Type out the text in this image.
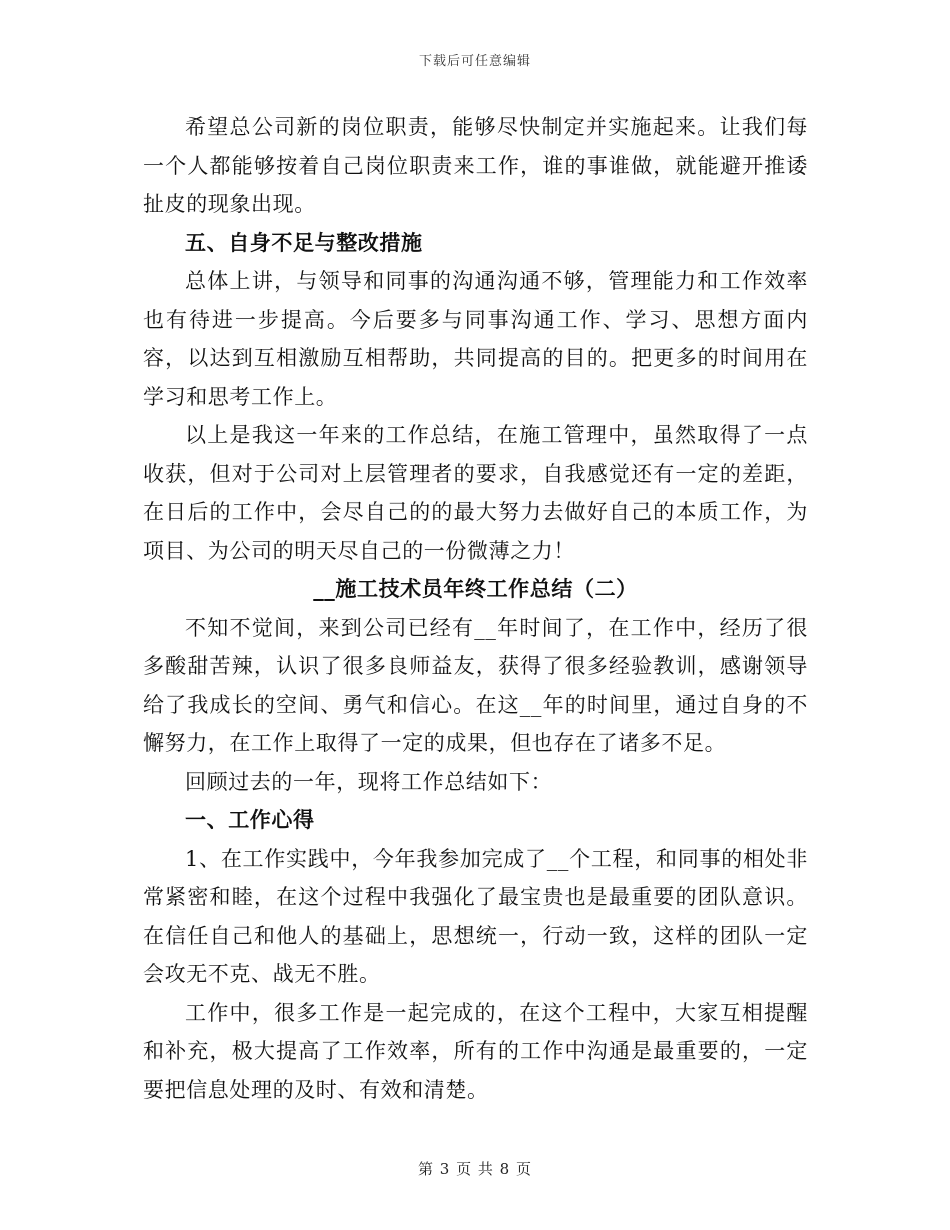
下载后可任意编辑

希望总公司新的岗位职责，能够尽快制定并实施起来。让我们每一个人都能够按着自己岗位职责来工作，谁的事谁做，就能避开推诿扯皮的现象出现。

五、自身不足与整改措施

总体上讲，与领导和同事的沟通沟通不够，管理能力和工作效率也有待进一步提高。今后要多与同事沟通工作、学习、思想方面内容，以达到互相激励互相帮助，共同提高的目的。把更多的时间用在学习和思考工作上。

以上是我这一年来的工作总结，在施工管理中，虽然取得了一点收获，但对于公司对上层管理者的要求，自我感觉还有一定的差距，在日后的工作中，会尽自己的的最大努力去做好自己的本质工作，为项目、为公司的明天尽自己的一份微薄之力！

__施工技术员年终工作总结（二）

不知不觉间，来到公司已经有__年时间了，在工作中，经历了很多酸甜苦辣，认识了很多良师益友，获得了很多经验教训，感谢领导给了我成长的空间、勇气和信心。在这__年的时间里，通过自身的不懈努力，在工作上取得了一定的成果，但也存在了诸多不足。

回顾过去的一年，现将工作总结如下：

一、工作心得

1、在工作实践中，今年我参加完成了__个工程，和同事的相处非常紧密和睦，在这个过程中我强化了最宝贵也是最重要的团队意识。在信任自己和他人的基础上，思想统一，行动一致，这样的团队一定会攻无不克、战无不胜。

工作中，很多工作是一起完成的，在这个工程中，大家互相提醒和补充，极大提高了工作效率，所有的工作中沟通是最重要的，一定要把信息处理的及时、有效和清楚。

第 3 页 共 8 页
